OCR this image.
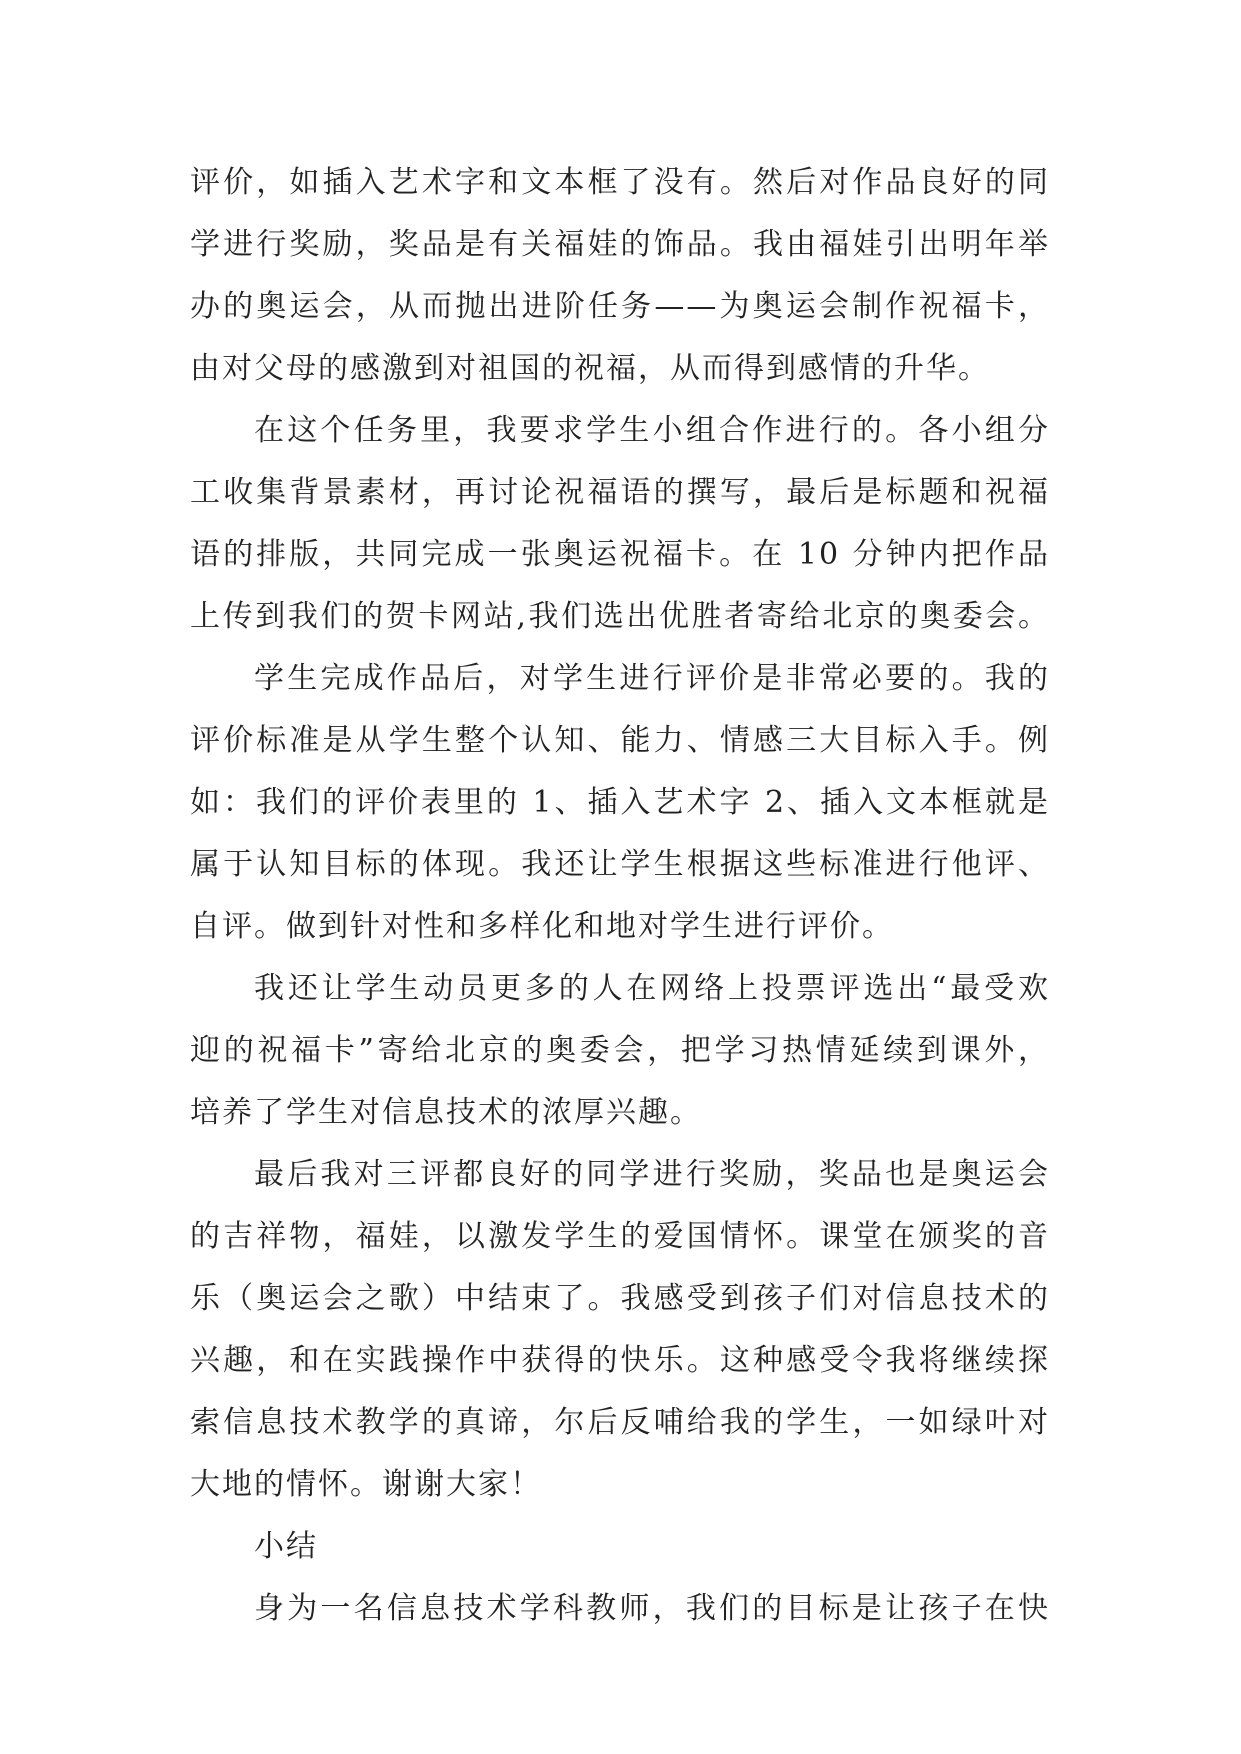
评价，如插入艺术字和文本框了没有。然后对作品良好的同
学进行奖励，奖品是有关福娃的饰品。我由福娃引出明年举
办的奥运会，从而抛出进阶任务——为奥运会制作祝福卡，
由对父母的感激到对祖国的祝福，从而得到感情的升华。
在这个任务里，我要求学生小组合作进行的。各小组分
工收集背景素材，再讨论祝福语的撰写，最后是标题和祝福
语的排版，共同完成一张奥运祝福卡。在 10 分钟内把作品
上传到我们的贺卡网站,我们选出优胜者寄给北京的奥委会。
学生完成作品后，对学生进行评价是非常必要的。我的
评价标准是从学生整个认知、能力、情感三大目标入手。例
如：我们的评价表里的 1、插入艺术字 2、插入文本框就是
属于认知目标的体现。我还让学生根据这些标准进行他评、
自评。做到针对性和多样化和地对学生进行评价。
我还让学生动员更多的人在网络上投票评选出“最受欢
迎的祝福卡”寄给北京的奥委会，把学习热情延续到课外，
培养了学生对信息技术的浓厚兴趣。
最后我对三评都良好的同学进行奖励，奖品也是奥运会
的吉祥物，福娃，以激发学生的爱国情怀。课堂在颁奖的音
乐（奥运会之歌）中结束了。我感受到孩子们对信息技术的
兴趣，和在实践操作中获得的快乐。这种感受令我将继续探
索信息技术教学的真谛，尔后反哺给我的学生，一如绿叶对
大地的情怀。谢谢大家！
小结
身为一名信息技术学科教师，我们的目标是让孩子在快
